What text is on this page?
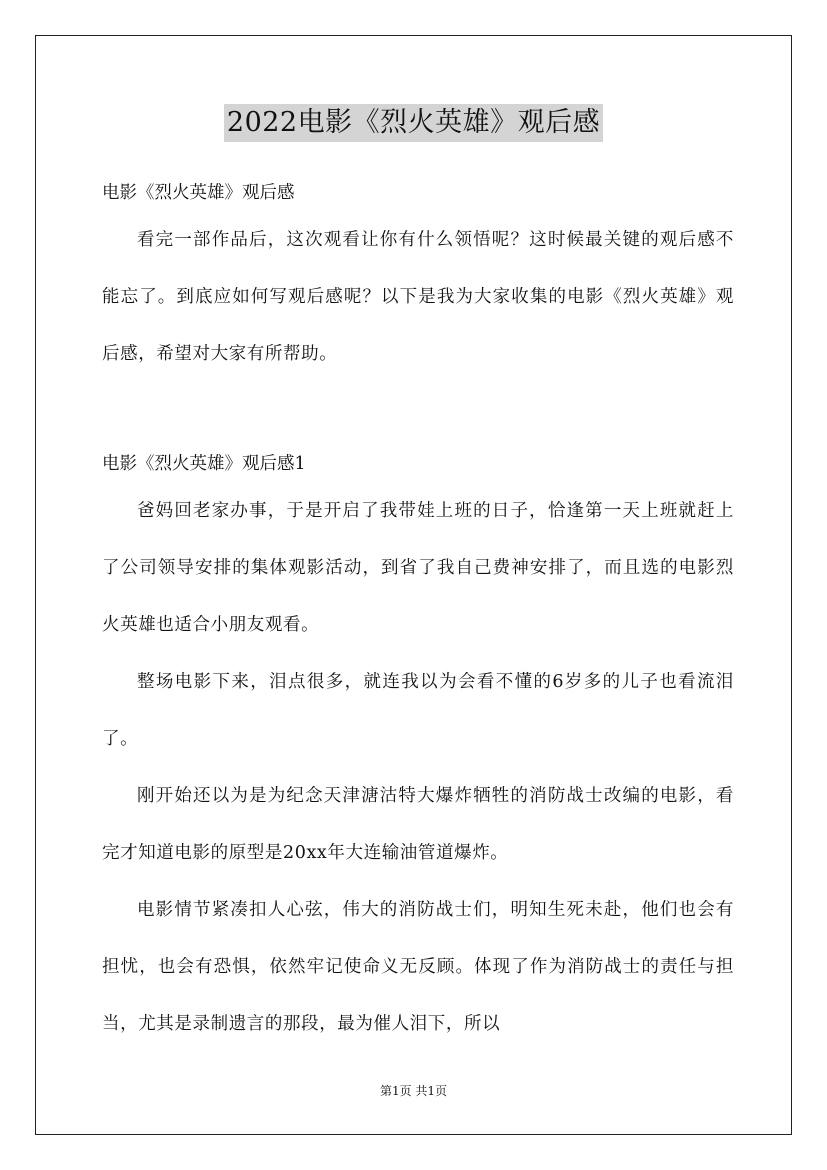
2022电影《烈火英雄》观后感

电影《烈火英雄》观后感

看完一部作品后，这次观看让你有什么领悟呢？这时候最关键的观后感不能忘了。到底应如何写观后感呢？以下是我为大家收集的电影《烈火英雄》观后感，希望对大家有所帮助。

电影《烈火英雄》观后感1

爸妈回老家办事，于是开启了我带娃上班的日子，恰逢第一天上班就赶上了公司领导安排的集体观影活动，到省了我自己费神安排了，而且选的电影烈火英雄也适合小朋友观看。

整场电影下来，泪点很多，就连我以为会看不懂的6岁多的儿子也看流泪了。

刚开始还以为是为纪念天津溏沽特大爆炸牺牲的消防战士改编的电影，看完才知道电影的原型是20xx年大连输油管道爆炸。

电影情节紧凑扣人心弦，伟大的消防战士们，明知生死未赴，他们也会有担忧，也会有恐惧，依然牢记使命义无反顾。体现了作为消防战士的责任与担当，尤其是录制遗言的那段，最为催人泪下，所以

第1页 共1页
